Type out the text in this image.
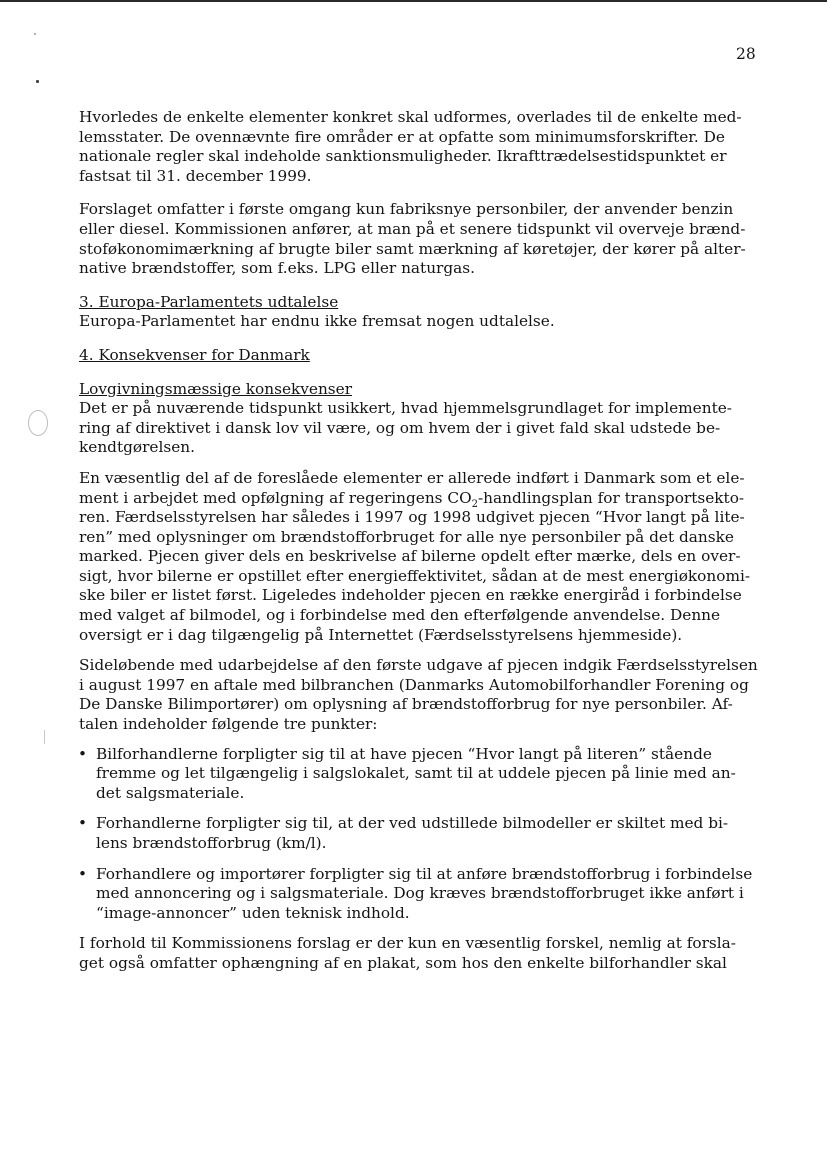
28

Hvorledes de enkelte elementer konkret skal udformes, overlades til de enkelte med-
lemsstater. De ovennævnte fire områder er at opfatte som minimumsforskrifter. De
nationale regler skal indeholde sanktionsmuligheder. Ikrafttrædelsestidspunktet er
fastsat til 31. december 1999.

Forslaget omfatter i første omgang kun fabriksnye personbiler, der anvender benzin
eller diesel. Kommissionen anfører, at man på et senere tidspunkt vil overveje brænd-
stoføkonomimærkning af brugte biler samt mærkning af køretøjer, der kører på alter-
native brændstoffer, som f.eks. LPG eller naturgas.

3. Europa-Parlamentets udtalelse
Europa-Parlamentet har endnu ikke fremsat nogen udtalelse.

4. Konsekvenser for Danmark

Lovgivningsmæssige konsekvenser
Det er på nuværende tidspunkt usikkert, hvad hjemmelsgrundlaget for implemente-
ring af direktivet i dansk lov vil være, og om hvem der i givet fald skal udstede be-
kendtgørelsen.

En væsentlig del af de foreslåede elementer er allerede indført i Danmark som et ele-
ment i arbejdet med opfølgning af regeringens $CO_2$-handlingsplan for transportsekto-
ren. Færdselsstyrelsen har således i 1997 og 1998 udgivet pjecen “Hvor langt på lite-
ren” med oplysninger om brændstofforbruget for alle nye personbiler på det danske
marked. Pjecen giver dels en beskrivelse af bilerne opdelt efter mærke, dels en over-
sigt, hvor bilerne er opstillet efter energieffektivitet, sådan at de mest energiøkonomi-
ske biler er listet først. Ligeledes indeholder pjecen en række energiråd i forbindelse
med valget af bilmodel, og i forbindelse med den efterfølgende anvendelse. Denne
oversigt er i dag tilgængelig på Internettet (Færdselsstyrelsens hjemmeside).

Sideløbende med udarbejdelse af den første udgave af pjecen indgik Færdselsstyrelsen
i august 1997 en aftale med bilbranchen (Danmarks Automobilforhandler Forening og
De Danske Bilimportører) om oplysning af brændstofforbrug for nye personbiler. Af-
talen indeholder følgende tre punkter:

• Bilforhandlerne forpligter sig til at have pjecen “Hvor langt på literen” stående
fremme og let tilgængelig i salgslokalet, samt til at uddele pjecen på linie med an-
det salgsmateriale.
• Forhandlerne forpligter sig til, at der ved udstillede bilmodeller er skiltet med bi-
lens brændstofforbrug (km/l).
• Forhandlere og importører forpligter sig til at anføre brændstofforbrug i forbindelse
med annoncering og i salgsmateriale. Dog kræves brændstofforbruget ikke anført i
“image-annoncer” uden teknisk indhold.

I forhold til Kommissionens forslag er der kun en væsentlig forskel, nemlig at forsla-
get også omfatter ophængning af en plakat, som hos den enkelte bilforhandler skal
